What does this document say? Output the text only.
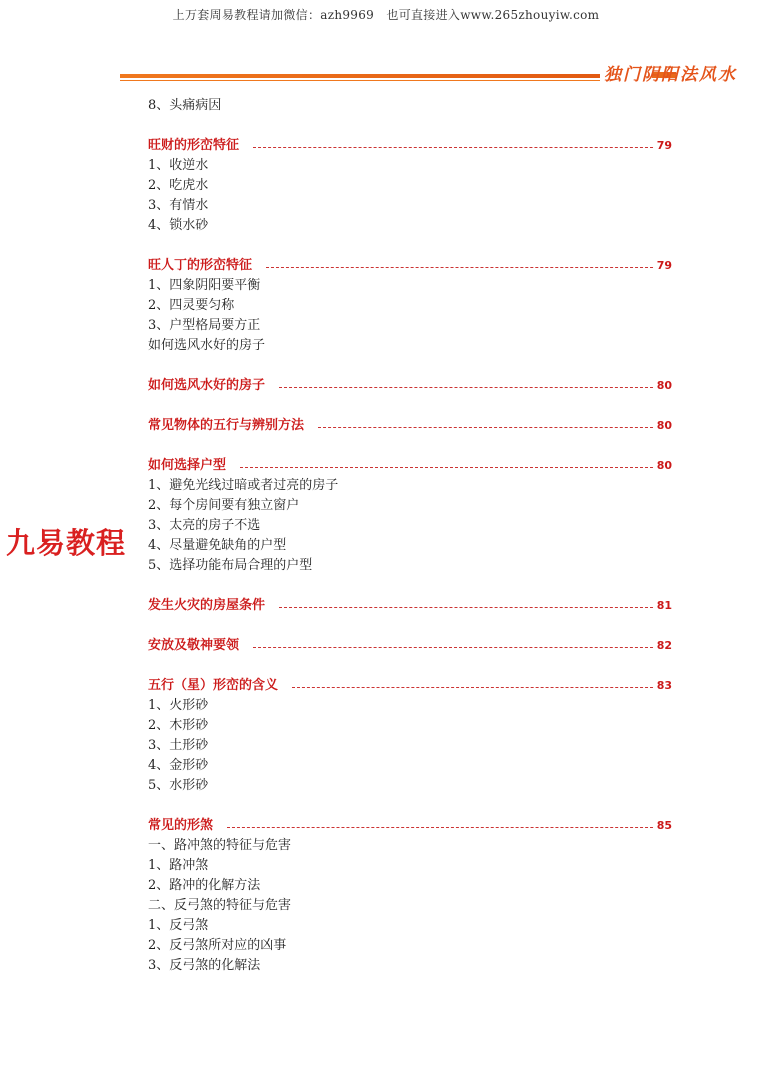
上万套周易教程请加微信：azh9969　也可直接进入www.265zhouyiw.com
独门阴阳法风水
九易教程
8、头痛病因
旺财的形峦特征	79
1、收逆水
2、吃虎水
3、有情水
4、锁水砂
旺人丁的形峦特征	79
1、四象阴阳要平衡
2、四灵要匀称
3、户型格局要方正
如何选风水好的房子
如何选风水好的房子	80
常见物体的五行与辨别方法	80
如何选择户型	80
1、避免光线过暗或者过亮的房子
2、每个房间要有独立窗户
3、太亮的房子不选
4、尽量避免缺角的户型
5、选择功能布局合理的户型
发生火灾的房屋条件	81
安放及敬神要领	82
五行（星）形峦的含义	83
1、火形砂
2、木形砂
3、土形砂
4、金形砂
5、水形砂
常见的形煞	85
一、路冲煞的特征与危害
1、路冲煞
2、路冲的化解方法
二、反弓煞的特征与危害
1、反弓煞
2、反弓煞所对应的凶事
3、反弓煞的化解法
